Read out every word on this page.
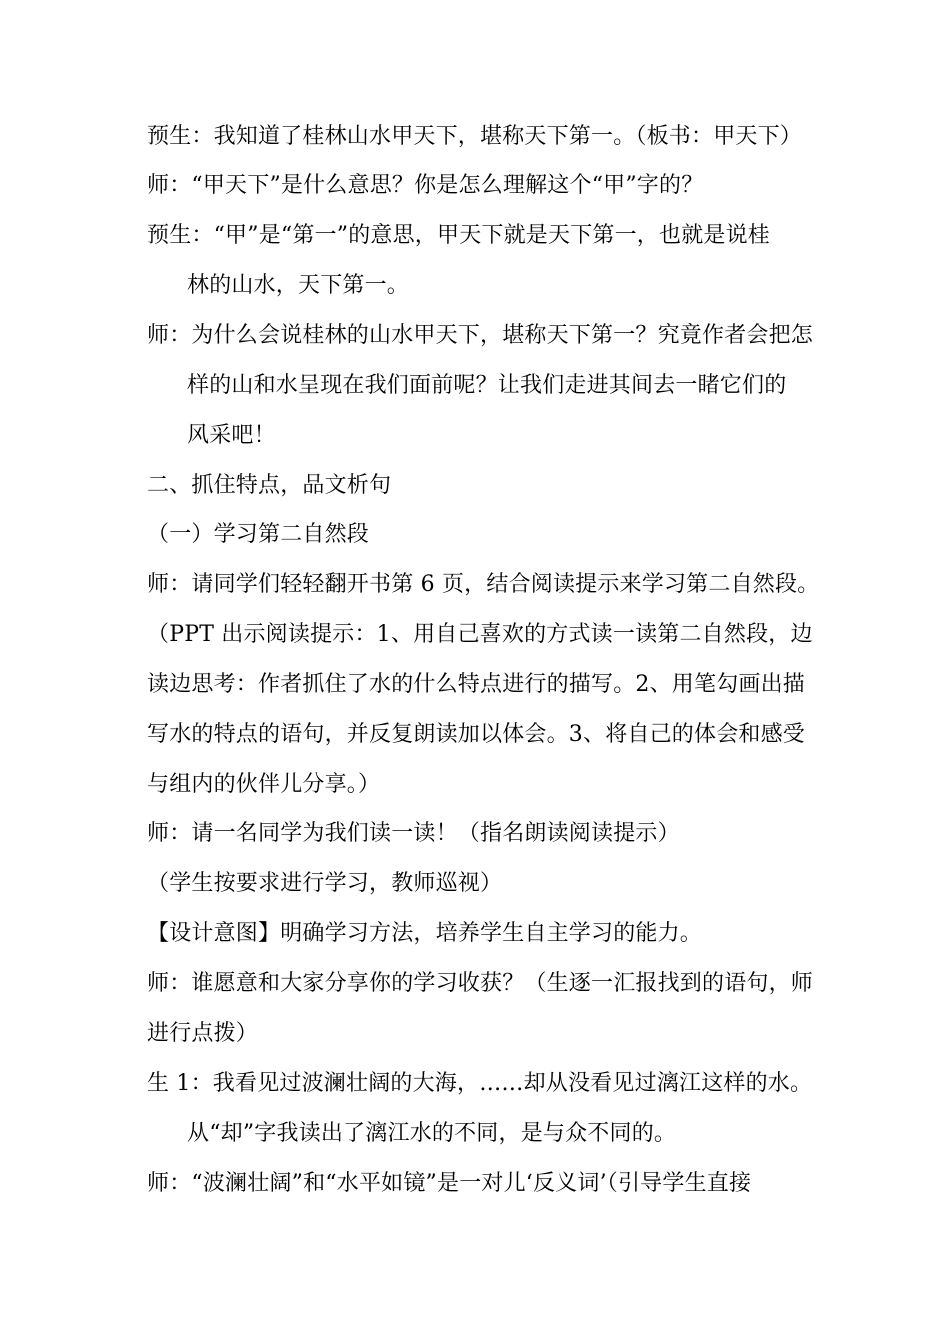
预生：我知道了桂林山水甲天下，堪称天下第一。（板书：甲天下）
师：“甲天下”是什么意思？你是怎么理解这个“甲”字的？
预生：“甲”是“第一”的意思，甲天下就是天下第一，也就是说桂
林的山水，天下第一。
师：为什么会说桂林的山水甲天下，堪称天下第一？究竟作者会把怎
样的山和水呈现在我们面前呢？让我们走进其间去一睹它们的
风采吧！
二、抓住特点，品文析句
（一）学习第二自然段
师：请同学们轻轻翻开书第 6 页，结合阅读提示来学习第二自然段。
（PPT 出示阅读提示：1、用自己喜欢的方式读一读第二自然段，边
读边思考：作者抓住了水的什么特点进行的描写。2、用笔勾画出描
写水的特点的语句，并反复朗读加以体会。3、将自己的体会和感受
与组内的伙伴儿分享。）
师：请一名同学为我们读一读！（指名朗读阅读提示）
（学生按要求进行学习，教师巡视）
【设计意图】明确学习方法，培养学生自主学习的能力。
师：谁愿意和大家分享你的学习收获？（生逐一汇报找到的语句，师
进行点拨）
生 1：我看见过波澜壮阔的大海，……却从没看见过漓江这样的水。
从“却”字我读出了漓江水的不同，是与众不同的。
师：“波澜壮阔”和“水平如镜”是一对儿‘反义词’（引导学生直接
